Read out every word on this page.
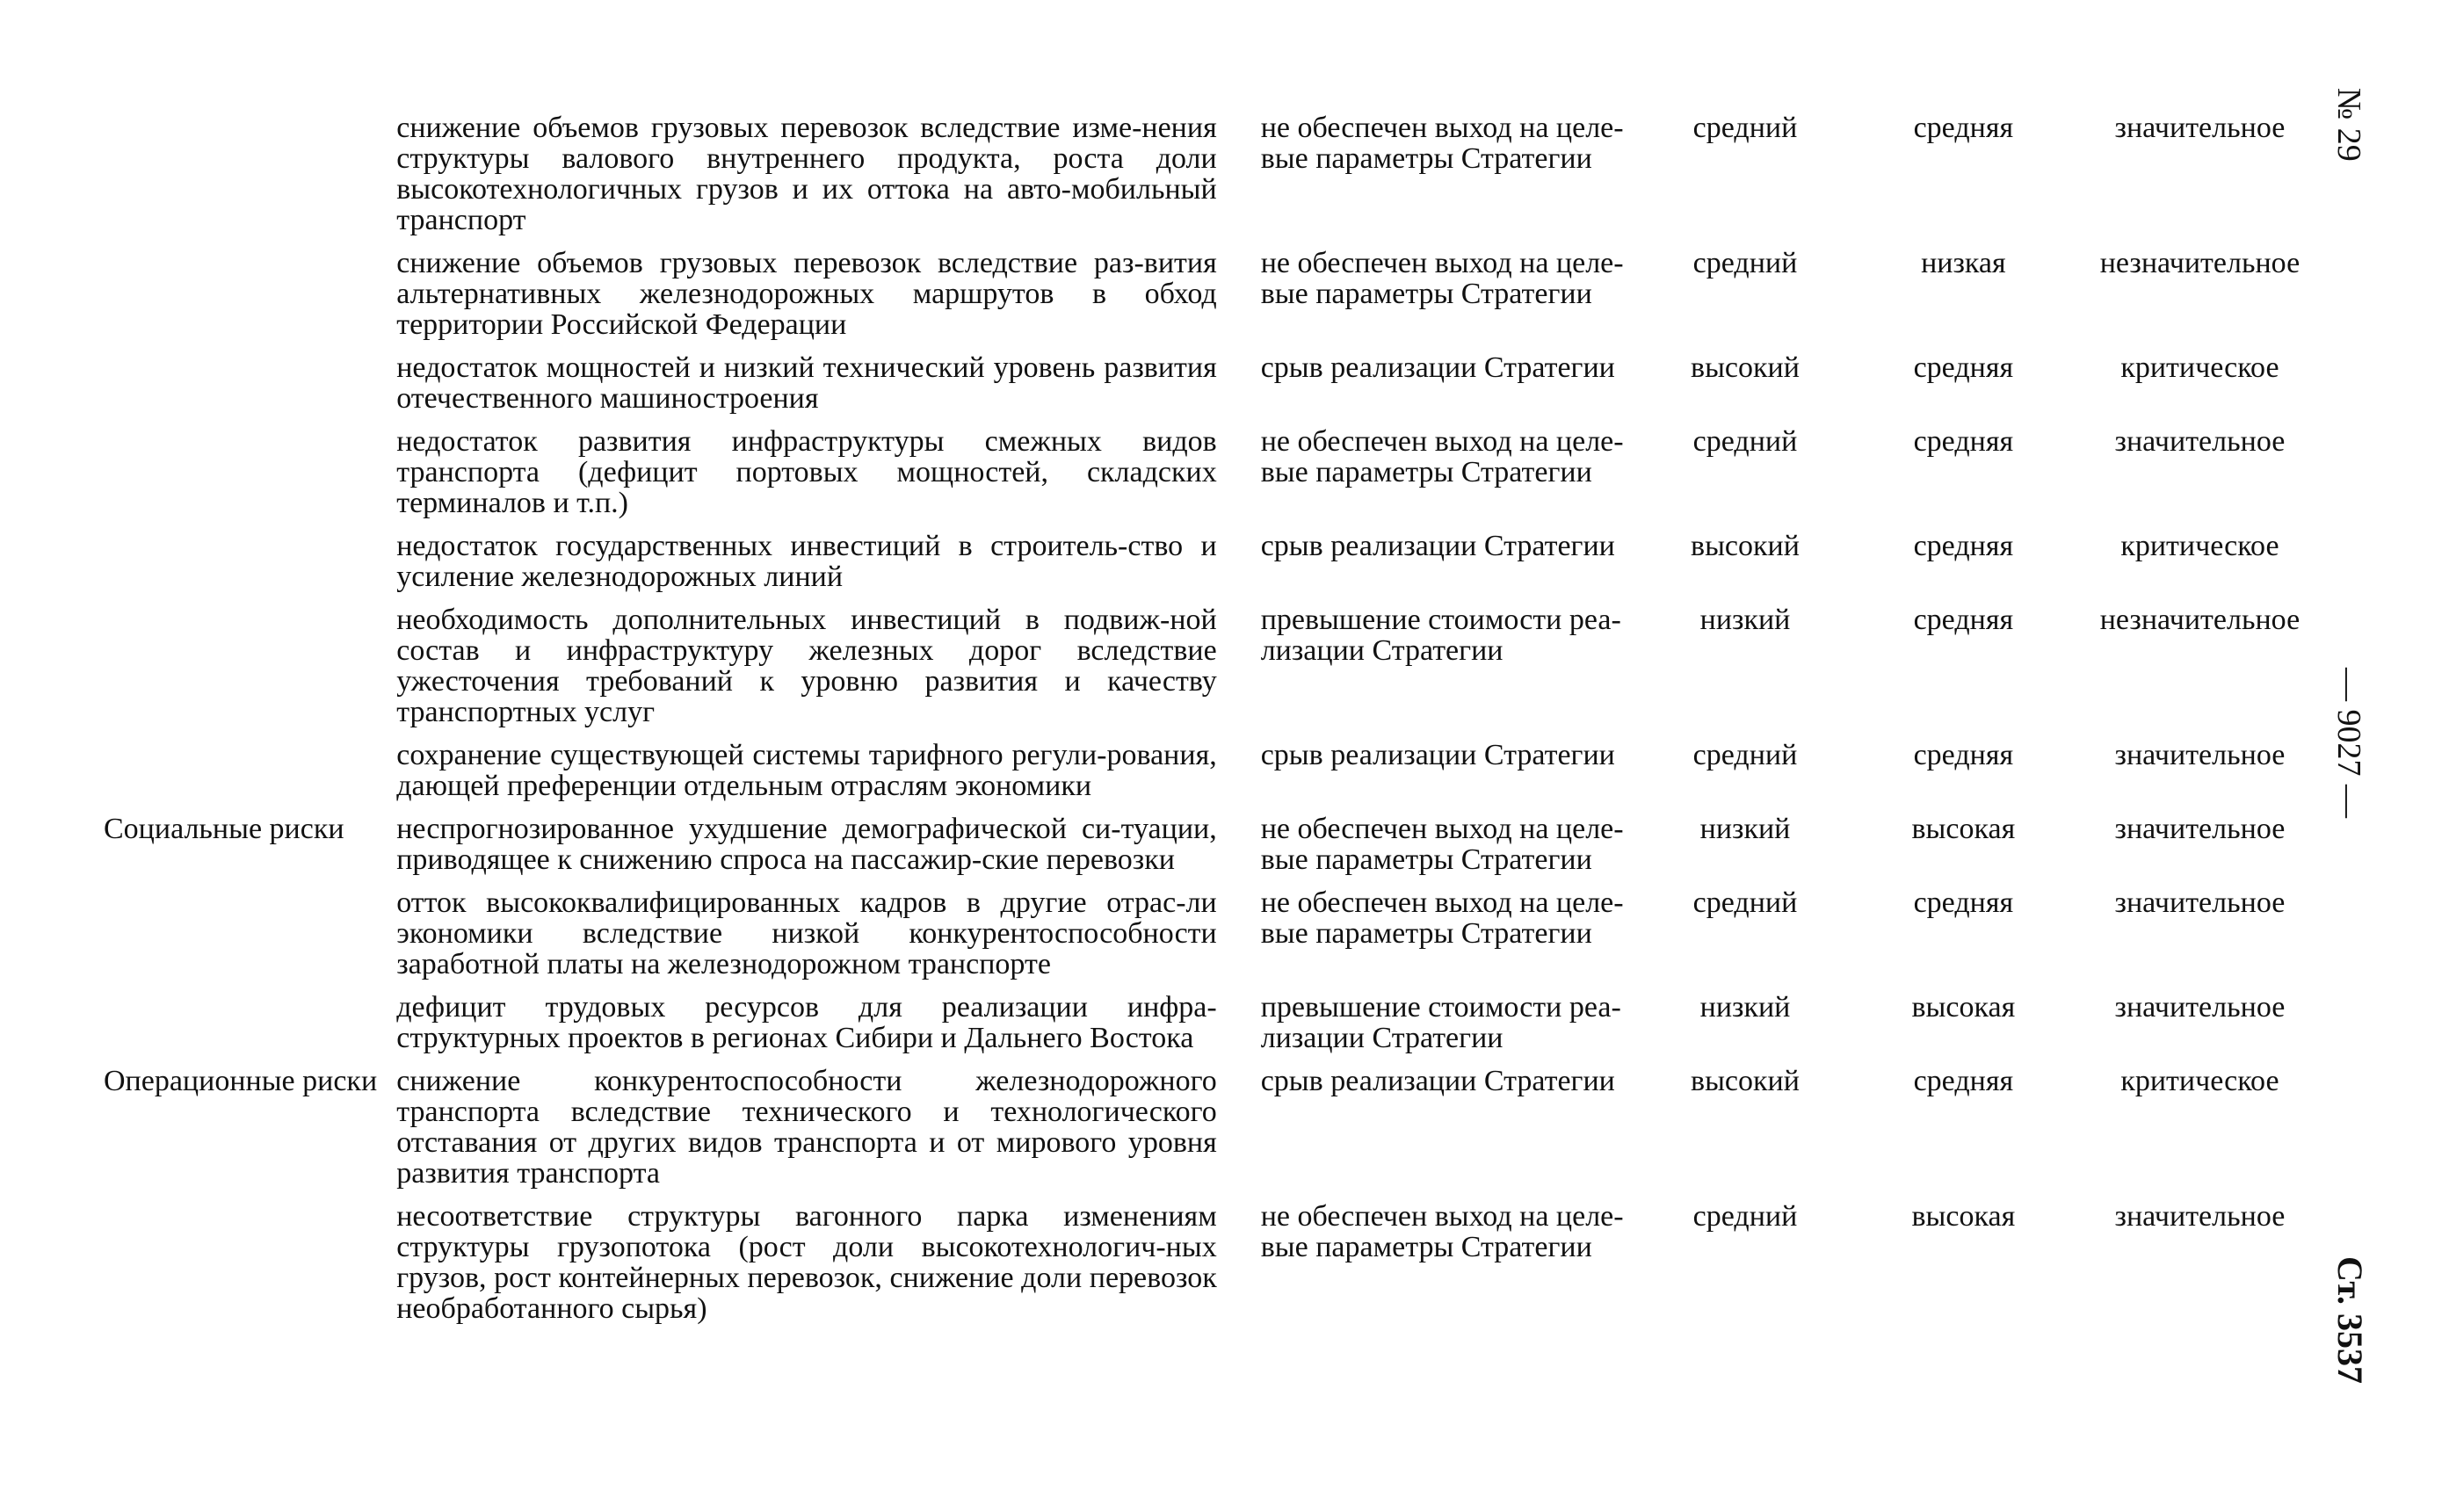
	снижение объемов грузовых перевозок вследствие изме-нения структуры валового внутреннего продукта, роста доли высокотехнологичных грузов и их оттока на авто-мобильный транспорт	не обеспечен выход на целе-вые параметры Стратегии	средний	средняя	значительное
	снижение объемов грузовых перевозок вследствие раз-вития альтернативных железнодорожных маршрутов в обход территории Российской Федерации	не обеспечен выход на целе-вые параметры Стратегии	средний	низкая	незначительное
	недостаток мощностей и низкий технический уровень развития отечественного машиностроения	срыв реализации Стратегии	высокий	средняя	критическое
	недостаток развития инфраструктуры смежных видов транспорта (дефицит портовых мощностей, складских терминалов и т.п.)	не обеспечен выход на целе-вые параметры Стратегии	средний	средняя	значительное
	недостаток государственных инвестиций в строитель-ство и усиление железнодорожных линий	срыв реализации Стратегии	высокий	средняя	критическое
	необходимость дополнительных инвестиций в подвиж-ной состав и инфраструктуру железных дорог вследствие ужесточения требований к уровню развития и качеству транспортных услуг	превышение стоимости реа-лизации Стратегии	низкий	средняя	незначительное
	сохранение существующей системы тарифного регули-рования, дающей преференции отдельным отраслям экономики	срыв реализации Стратегии	средний	средняя	значительное
Социальные риски	неспрогнозированное ухудшение демографической си-туации, приводящее к снижению спроса на пассажир-ские перевозки	не обеспечен выход на целе-вые параметры Стратегии	низкий	высокая	значительное
	отток высококвалифицированных кадров в другие отрас-ли экономики вследствие низкой конкурентоспособности заработной платы на железнодорожном транспорте	не обеспечен выход на целе-вые параметры Стратегии	средний	средняя	значительное
	дефицит трудовых ресурсов для реализации инфра-структурных проектов в регионах Сибири и Дальнего Востока	превышение стоимости реа-лизации Стратегии	низкий	высокая	значительное
Операционные риски	снижение конкурентоспособности железнодорожного транспорта вследствие технического и технологического отставания от других видов транспорта и от мирового уровня развития транспорта	срыв реализации Стратегии	высокий	средняя	критическое
	несоответствие структуры вагонного парка изменениям структуры грузопотока (рост доли высокотехнологич-ных грузов, рост контейнерных перевозок, снижение доли перевозок необработанного сырья)	не обеспечен выход на целе-вые параметры Стратегии	средний	высокая	значительное
№ 29
— 9027 —
Ст. 3537
